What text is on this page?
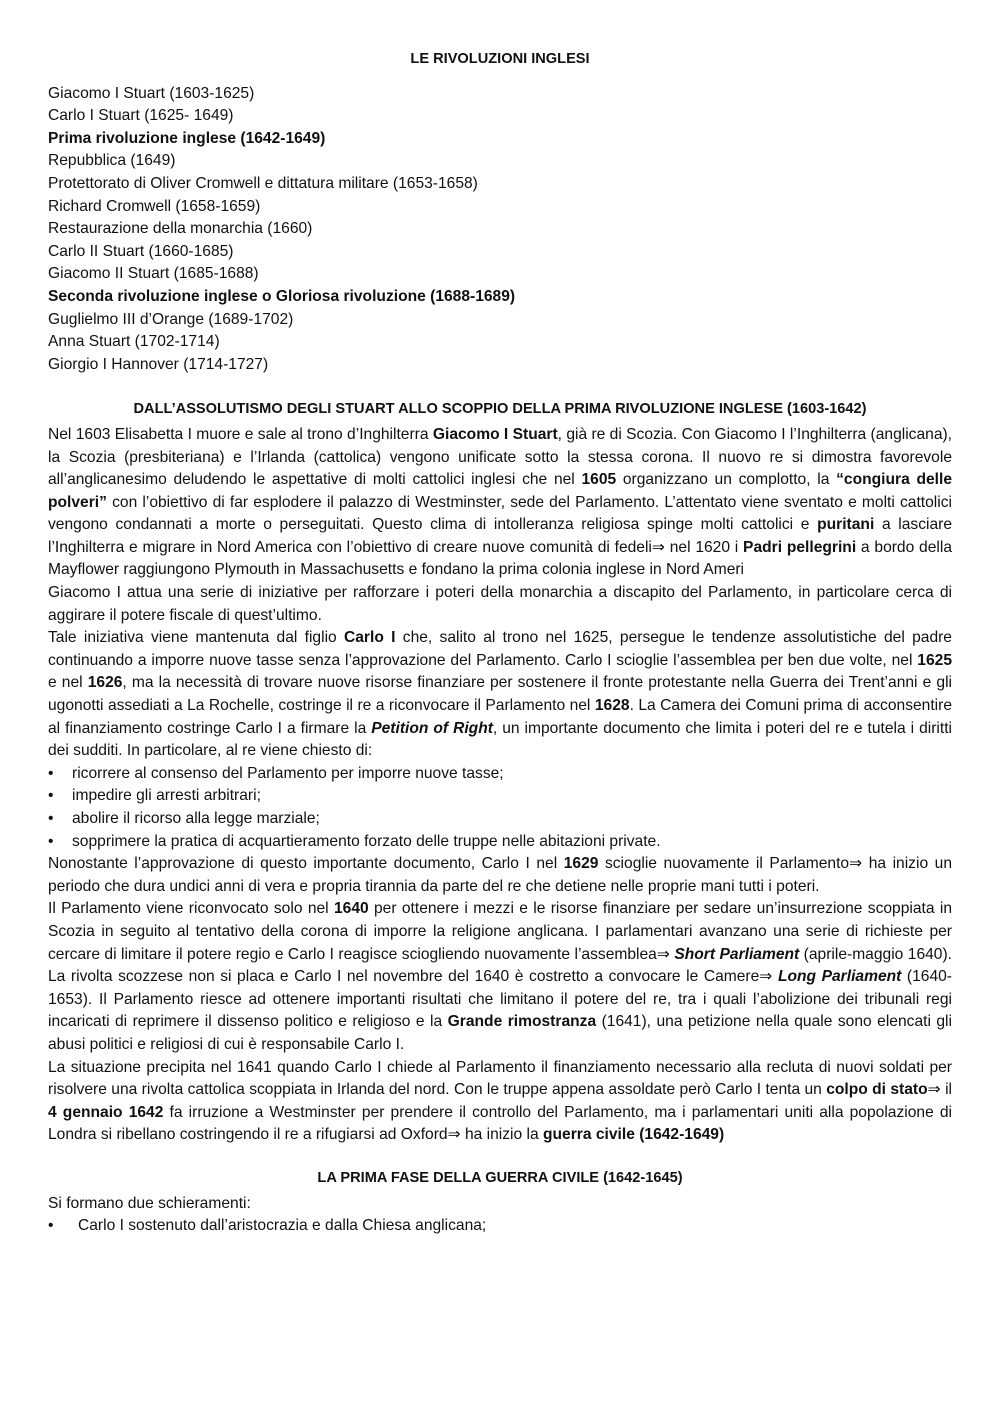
LE RIVOLUZIONI INGLESI
Giacomo I Stuart (1603-1625)
Carlo I Stuart (1625- 1649)
Prima rivoluzione inglese (1642-1649)
Repubblica (1649)
Protettorato di Oliver Cromwell e dittatura militare (1653-1658)
Richard Cromwell (1658-1659)
Restaurazione della monarchia (1660)
Carlo II Stuart (1660-1685)
Giacomo II Stuart (1685-1688)
Seconda rivoluzione inglese o Gloriosa rivoluzione (1688-1689)
Guglielmo III d’Orange (1689-1702)
Anna Stuart (1702-1714)
Giorgio I Hannover (1714-1727)
DALL’ASSOLUTISMO DEGLI STUART ALLO SCOPPIO DELLA PRIMA RIVOLUZIONE INGLESE (1603-1642)

Nel 1603 Elisabetta I muore e sale al trono d’Inghilterra Giacomo I Stuart, già re di Scozia. Con Giacomo I l’Inghilterra (anglicana), la Scozia (presbiteriana) e l’Irlanda (cattolica) vengono unificate sotto la stessa corona. Il nuovo re si dimostra favorevole all’anglicanesimo deludendo le aspettative di molti cattolici inglesi che nel 1605 organizzano un complotto, la “congiura delle polveri” con l’obiettivo di far esplodere il palazzo di Westminster, sede del Parlamento. L’attentato viene sventato e molti cattolici vengono condannati a morte o perseguitati. Questo clima di intolleranza religiosa spinge molti cattolici e puritani a lasciare l’Inghilterra e migrare in Nord America con l’obiettivo di creare nuove comunità di fedeli⇒ nel 1620 i Padri pellegrini a bordo della Mayflower raggiungono Plymouth in Massachusetts e fondano la prima colonia inglese in Nord Ameri

Giacomo I attua una serie di iniziative per rafforzare i poteri della monarchia a discapito del Parlamento, in particolare cerca di aggirare il potere fiscale di quest’ultimo.

Tale iniziativa viene mantenuta dal figlio Carlo I che, salito al trono nel 1625, persegue le tendenze assolutistiche del padre continuando a imporre nuove tasse senza l’approvazione del Parlamento. Carlo I scioglie l’assemblea per ben due volte, nel 1625 e nel 1626, ma la necessità di trovare nuove risorse finanziare per sostenere il fronte protestante nella Guerra dei Trent’anni e gli ugonotti assediati a La Rochelle, costringe il re a riconvocare il Parlamento nel 1628. La Camera dei Comuni prima di acconsentire al finanziamento costringe Carlo I a firmare la Petition of Right, un importante documento che limita i poteri del re e tutela i diritti dei sudditi. In particolare, al re viene chiesto di:

• ricorrere al consenso del Parlamento per imporre nuove tasse;
• impedire gli arresti arbitrari;
• abolire il ricorso alla legge marziale;
• sopprimere la pratica di acquartieramento forzato delle truppe nelle abitazioni private.

Nonostante l’approvazione di questo importante documento, Carlo I nel 1629 scioglie nuovamente il Parlamento⇒ ha inizio un periodo che dura undici anni di vera e propria tirannia da parte del re che detiene nelle proprie mani tutti i poteri.

Il Parlamento viene riconvocato solo nel 1640 per ottenere i mezzi e le risorse finanziare per sedare un’insurrezione scoppiata in Scozia in seguito al tentativo della corona di imporre la religione anglicana. I parlamentari avanzano una serie di richieste per cercare di limitare il potere regio e Carlo I reagisce sciogliendo nuovamente l’assemblea⇒ Short Parliament (aprile-maggio 1640). La rivolta scozzese non si placa e Carlo I nel novembre del 1640 è costretto a convocare le Camere⇒ Long Parliament (1640-1653). Il Parlamento riesce ad ottenere importanti risultati che limitano il potere del re, tra i quali l’abolizione dei tribunali regi incaricati di reprimere il dissenso politico e religioso e la Grande rimostranza (1641), una petizione nella quale sono elencati gli abusi politici e religiosi di cui è responsabile Carlo I.

La situazione precipita nel 1641 quando Carlo I chiede al Parlamento il finanziamento necessario alla recluta di nuovi soldati per risolvere una rivolta cattolica scoppiata in Irlanda del nord. Con le truppe appena assoldate però Carlo I tenta un colpo di stato⇒ il 4 gennaio 1642 fa irruzione a Westminster per prendere il controllo del Parlamento, ma i parlamentari uniti alla popolazione di Londra si ribellano costringendo il re a rifugiarsi ad Oxford⇒ ha inizio la guerra civile (1642-1649)

LA PRIMA FASE DELLA GUERRA CIVILE (1642-1645)

Si formano due schieramenti:

• Carlo I sostenuto dall’aristocrazia e dalla Chiesa anglicana;
